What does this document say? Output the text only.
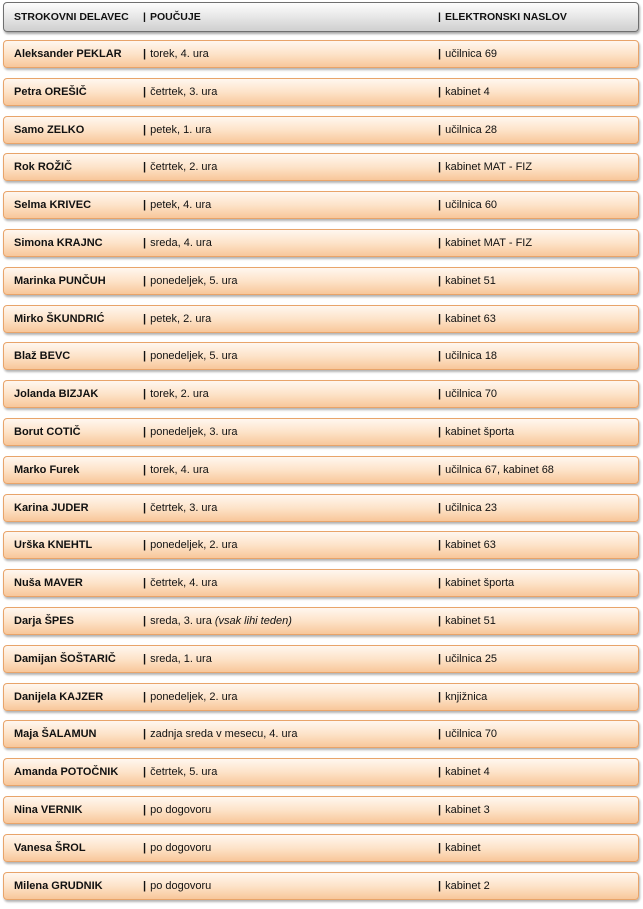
STROKOVNI DELAVEC | POUČUJE	| ELEKTRONSKI NASLOV
Aleksander PEKLAR | torek, 4. ura	| učilnica 69
Petra OREŠIČ	| četrtek, 3. ura	| kabinet 4
Samo ZELKO	| petek, 1. ura	| učilnica 28
Rok ROŽIČ	| četrtek, 2. ura	| kabinet MAT - FIZ
Selma KRIVEC	| petek, 4. ura	| učilnica 60
Simona KRAJNC	| sreda, 4. ura	| kabinet MAT - FIZ
Marinka PUNČUH	| ponedeljek, 5. ura	| kabinet 51
Mirko ŠKUNDRIĆ	| petek, 2. ura	| kabinet 63
Blaž BEVC	| ponedeljek, 5. ura	| učilnica 18
Jolanda BIZJAK	| torek, 2. ura	| učilnica 70
Borut COTIČ	| ponedeljek, 3. ura	| kabinet športa
Marko Furek	| torek, 4. ura	| učilnica 67, kabinet 68
Karina JUDER	| četrtek, 3. ura	| učilnica 23
Urška KNEHTL	| ponedeljek, 2. ura	| kabinet 63
Nuša MAVER	| četrtek, 4. ura	| kabinet športa
Darja ŠPES	| sreda, 3. ura (vsak lihi teden)	| kabinet 51
Damijan ŠOŠTARIČ | sreda, 1. ura	| učilnica 25
Danijela KAJZER	| ponedeljek, 2. ura	| knjižnica
Maja ŠALAMUN	| zadnja sreda v mesecu, 4. ura	| učilnica 70
Amanda POTOČNIK | četrtek, 5. ura	| kabinet 4
Nina VERNIK	| po dogovoru	| kabinet 3
Vanesa ŠROL	| po dogovoru	| kabinet
Milena GRUDNIK	| po dogovoru	| kabinet 2
